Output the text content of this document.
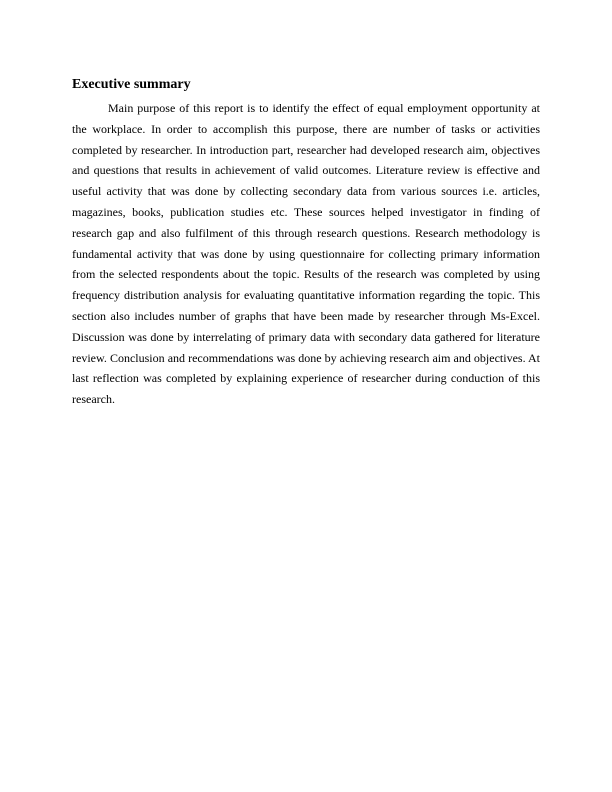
Executive summary

Main purpose of this report is to identify the effect of equal employment opportunity at the workplace. In order to accomplish this purpose, there are number of tasks or activities completed by researcher. In introduction part, researcher had developed research aim, objectives and questions that results in achievement of valid outcomes. Literature review is effective and useful activity that was done by collecting secondary data from various sources i.e. articles, magazines, books, publication studies etc. These sources helped investigator in finding of research gap and also fulfilment of this through research questions. Research methodology is fundamental activity that was done by using questionnaire for collecting primary information from the selected respondents about the topic. Results of the research was completed by using frequency distribution analysis for evaluating quantitative information regarding the topic. This section also includes number of graphs that have been made by researcher through Ms-Excel. Discussion was done by interrelating of primary data with secondary data gathered for literature review. Conclusion and recommendations was done by achieving research aim and objectives. At last reflection was completed by explaining experience of researcher during conduction of this research.
